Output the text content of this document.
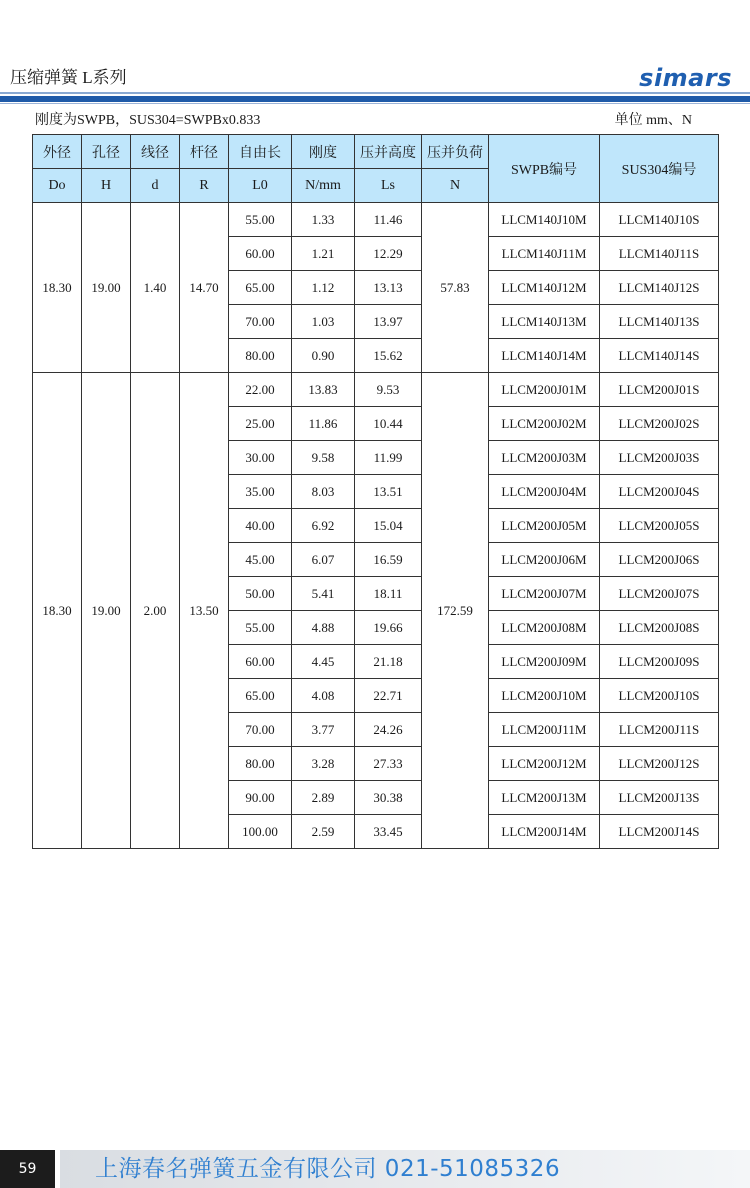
压缩弹簧 L系列	simars
刚度为SWPB，SUS304=SWPBx0.833	单位 mm、N
外径	孔径	线径	杆径	自由长	刚度	压并高度	压并负荷	SWPB编号	SUS304编号
Do	H	d	R	L0	N/mm	Ls	N		
18.30	19.00	1.40	14.70	55.00	1.33	11.46	57.83	LLCM140J10M	LLCM140J10S
				60.00	1.21	12.29		LLCM140J11M	LLCM140J11S
				65.00	1.12	13.13		LLCM140J12M	LLCM140J12S
				70.00	1.03	13.97		LLCM140J13M	LLCM140J13S
				80.00	0.90	15.62		LLCM140J14M	LLCM140J14S
18.30	19.00	2.00	13.50	22.00	13.83	9.53	172.59	LLCM200J01M	LLCM200J01S
				25.00	11.86	10.44		LLCM200J02M	LLCM200J02S
				30.00	9.58	11.99		LLCM200J03M	LLCM200J03S
				35.00	8.03	13.51		LLCM200J04M	LLCM200J04S
				40.00	6.92	15.04		LLCM200J05M	LLCM200J05S
				45.00	6.07	16.59		LLCM200J06M	LLCM200J06S
				50.00	5.41	18.11		LLCM200J07M	LLCM200J07S
				55.00	4.88	19.66		LLCM200J08M	LLCM200J08S
				60.00	4.45	21.18		LLCM200J09M	LLCM200J09S
				65.00	4.08	22.71		LLCM200J10M	LLCM200J10S
				70.00	3.77	24.26		LLCM200J11M	LLCM200J11S
				80.00	3.28	27.33		LLCM200J12M	LLCM200J12S
				90.00	2.89	30.38		LLCM200J13M	LLCM200J13S
				100.00	2.59	33.45		LLCM200J14M	LLCM200J14S
59	上海春名弹簧五金有限公司 021-51085326
